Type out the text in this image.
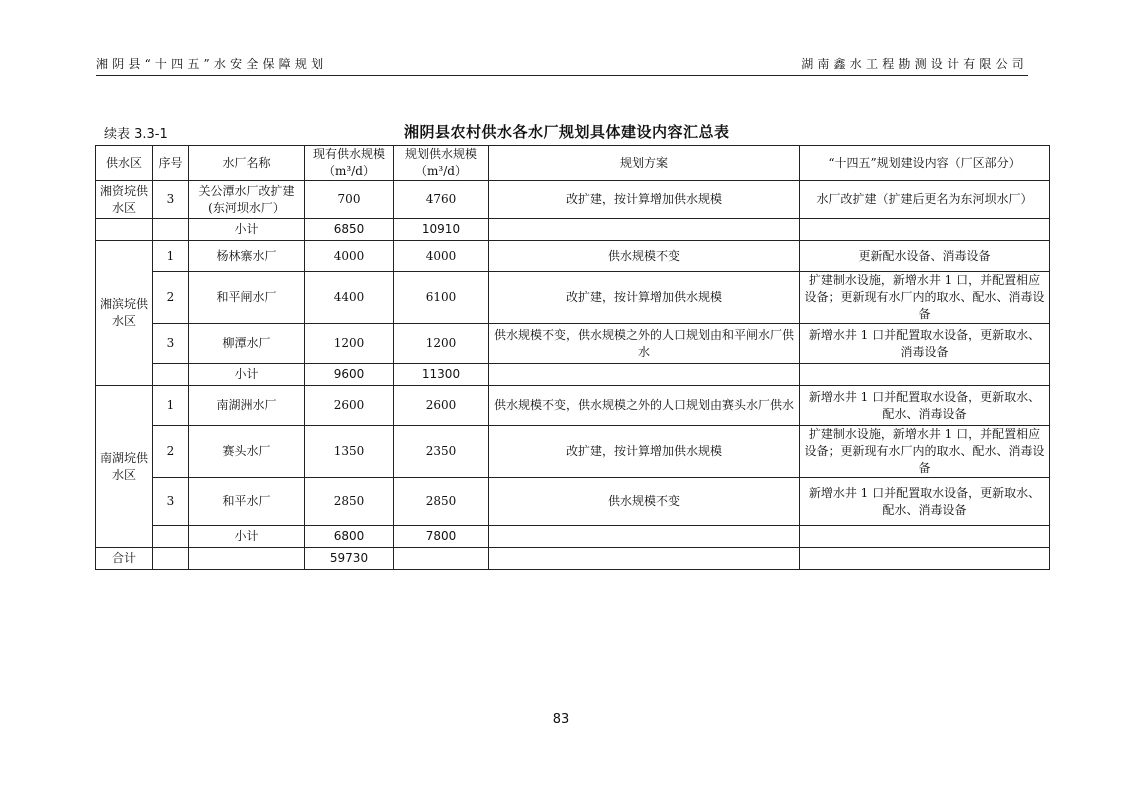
湘阴县“十四五”水安全保障规划	湖南鑫水工程勘测设计有限公司
续表 3.3-1	湘阴县农村供水各水厂规划具体建设内容汇总表
供水区	序号	水厂名称	现有供水规模（m³/d）	规划供水规模（m³/d）	规划方案	“十四五”规划建设内容（厂区部分）
湘资垸供水区	3	关公潭水厂改扩建(东河坝水厂）	700	4760	改扩建，按计算增加供水规模	水厂改扩建（扩建后更名为东河坝水厂）
		小计	6850	10910		
湘滨垸供水区	1	杨林寨水厂	4000	4000	供水规模不变	更新配水设备、消毒设备
	2	和平闸水厂	4400	6100	改扩建，按计算增加供水规模	扩建制水设施，新增水井 1 口，并配置相应设备；更新现有水厂内的取水、配水、消毒设备
	3	柳潭水厂	1200	1200	供水规模不变，供水规模之外的人口规划由和平闸水厂供水	新增水井 1 口并配置取水设备，更新取水、消毒设备
		小计	9600	11300		
南湖垸供水区	1	南湖洲水厂	2600	2600	供水规模不变，供水规模之外的人口规划由赛头水厂供水	新增水井 1 口并配置取水设备，更新取水、配水、消毒设备
	2	赛头水厂	1350	2350	改扩建，按计算增加供水规模	扩建制水设施，新增水井 1 口，并配置相应设备；更新现有水厂内的取水、配水、消毒设备
	3	和平水厂	2850	2850	供水规模不变	新增水井 1 口并配置取水设备，更新取水、配水、消毒设备
		小计	6800	7800		
合计			59730			
83
